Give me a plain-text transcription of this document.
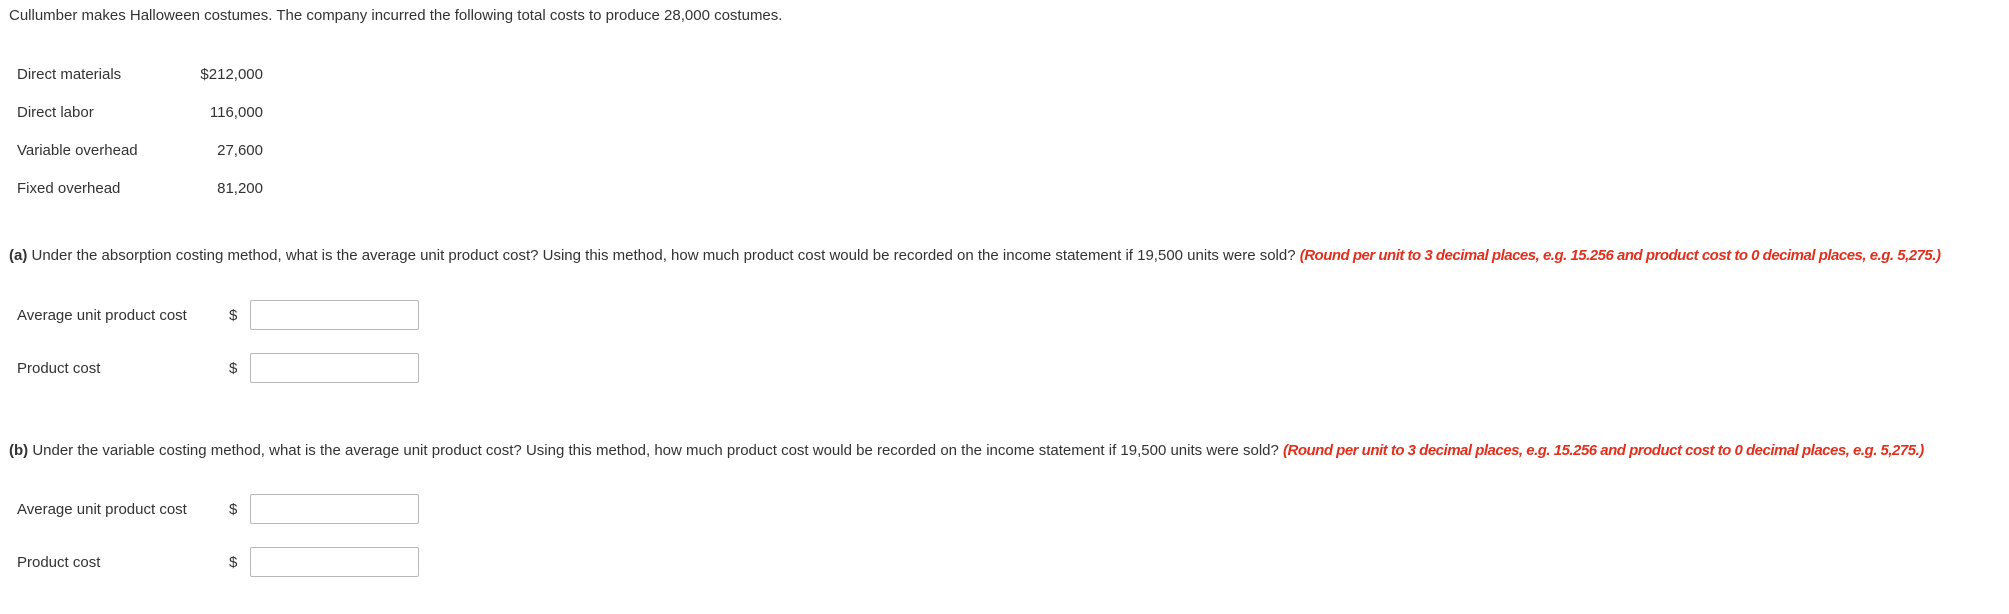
Cullumber makes Halloween costumes. The company incurred the following total costs to produce 28,000 costumes.
Direct materials	$212,000
Direct labor	116,000
Variable overhead	27,600
Fixed overhead	81,200
(a) Under the absorption costing method, what is the average unit product cost? Using this method, how much product cost would be recorded on the income statement if 19,500 units were sold? (Round per unit to 3 decimal places, e.g. 15.256 and product cost to 0 decimal places, e.g. 5,275.)
Average unit product cost	$
Product cost	$
(b) Under the variable costing method, what is the average unit product cost? Using this method, how much product cost would be recorded on the income statement if 19,500 units were sold? (Round per unit to 3 decimal places, e.g. 15.256 and product cost to 0 decimal places, e.g. 5,275.)
Average unit product cost	$
Product cost	$
